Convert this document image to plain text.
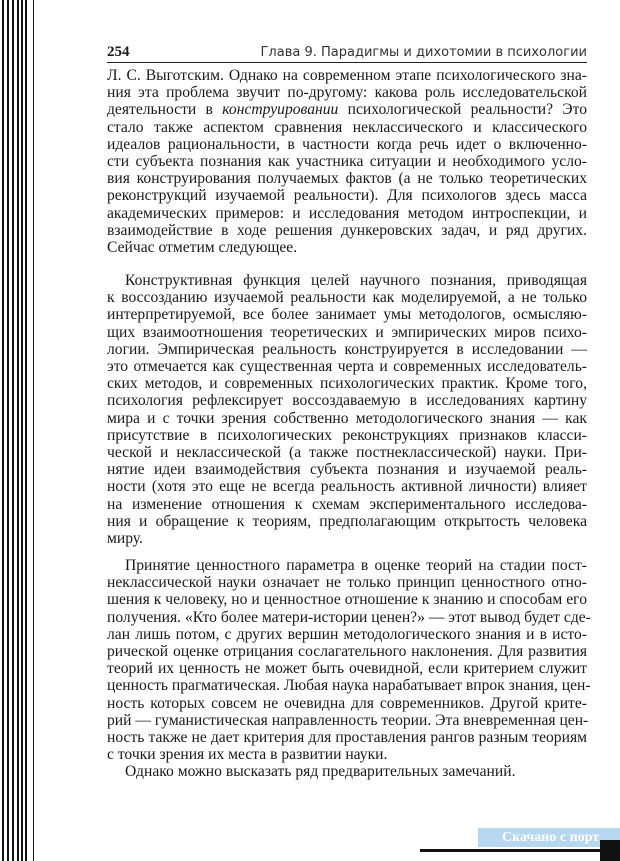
254	Глава 9. Парадигмы и дихотомии в психологии
Л. С. Выготским. Однако на современном этапе психологического зна-
ния эта проблема звучит по-другому: какова роль исследовательской
деятельности в конструировании психологической реальности? Это
стало также аспектом сравнения неклассического и классического
идеалов рациональности, в частности когда речь идет о включенно-
сти субъекта познания как участника ситуации и необходимого усло-
вия конструирования получаемых фактов (а не только теоретических
реконструкций изучаемой реальности). Для психологов здесь масса
академических примеров: и исследования методом интроспекции, и
взаимодействие в ходе решения дункеровских задач, и ряд других.
Сейчас отметим следующее.
Конструктивная функция целей научного познания, приводящая
к воссозданию изучаемой реальности как моделируемой, а не только
интерпретируемой, все более занимает умы методологов, осмысляю-
щих взаимоотношения теоретических и эмпирических миров психо-
логии. Эмпирическая реальность конструируется в исследовании —
это отмечается как существенная черта и современных исследователь-
ских методов, и современных психологических практик. Кроме того,
психология рефлексирует воссоздаваемую в исследованиях картину
мира и с точки зрения собственно методологического знания — как
присутствие в психологических реконструкциях признаков класси-
ческой и неклассической (а также постнеклассической) науки. При-
нятие идеи взаимодействия субъекта познания и изучаемой реаль-
ности (хотя это еще не всегда реальность активной личности) влияет
на изменение отношения к схемам экспериментального исследова-
ния и обращение к теориям, предполагающим открытость человека
миру.
Принятие ценностного параметра в оценке теорий на стадии пост-
неклассической науки означает не только принцип ценностного отно-
шения к человеку, но и ценностное отношение к знанию и способам его
получения. «Кто более матери-истории ценен?» — этот вывод будет сде-
лан лишь потом, с других вершин методологического знания и в исто-
рической оценке отрицания сослагательного наклонения. Для развития
теорий их ценность не может быть очевидной, если критерием служит
ценность прагматическая. Любая наука нарабатывает впрок знания, цен-
ность которых совсем не очевидна для современников. Другой крите-
рий — гуманистическая направленность теории. Эта вневременная цен-
ность также не дает критерия для проставления рангов разным теориям
с точки зрения их места в развитии науки.
Однако можно высказать ряд предварительных замечаний.
Скачано с порт
